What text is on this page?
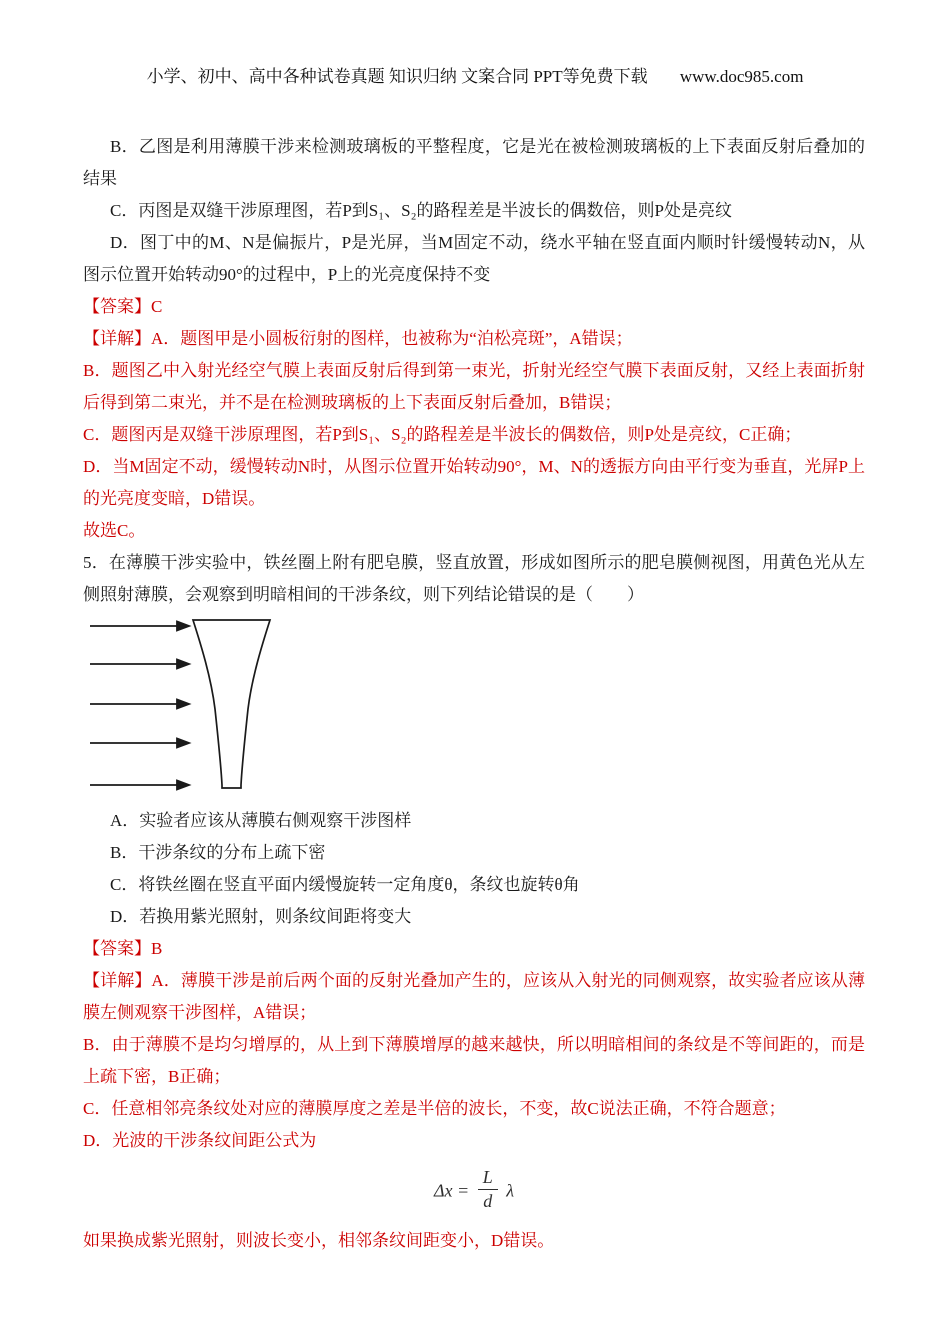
小学、初中、高中各种试卷真题 知识归纳 文案合同 PPT等免费下载 www.doc985.com

B．乙图是利用薄膜干涉来检测玻璃板的平整程度，它是光在被检测玻璃板的上下表面反射后叠加的结果

C．丙图是双缝干涉原理图，若P到S₁、S₂的路程差是半波长的偶数倍，则P处是亮纹

D．图丁中的M、N是偏振片，P是光屏，当M固定不动，绕水平轴在竖直面内顺时针缓慢转动N，从图示位置开始转动90°的过程中，P上的光亮度保持不变

【答案】C

【详解】A．题图甲是小圆板衍射的图样，也被称为“泊松亮斑”，A错误；

B．题图乙中入射光经空气膜上表面反射后得到第一束光，折射光经空气膜下表面反射，又经上表面折射后得到第二束光，并不是在检测玻璃板的上下表面反射后叠加，B错误；

C．题图丙是双缝干涉原理图，若P到S₁、S₂的路程差是半波长的偶数倍，则P处是亮纹，C正确；

D．当M固定不动，缓慢转动N时，从图示位置开始转动90°，M、N的透振方向由平行变为垂直，光屏P上的光亮度变暗，D错误。

故选C。

5．在薄膜干涉实验中，铁丝圈上附有肥皂膜，竖直放置，形成如图所示的肥皂膜侧视图，用黄色光从左侧照射薄膜，会观察到明暗相间的干涉条纹，则下列结论错误的是（　　）

A．实验者应该从薄膜右侧观察干涉图样

B．干涉条纹的分布上疏下密

C．将铁丝圈在竖直平面内缓慢旋转一定角度θ，条纹也旋转θ角

D．若换用紫光照射，则条纹间距将变大

【答案】B

【详解】A．薄膜干涉是前后两个面的反射光叠加产生的，应该从入射光的同侧观察，故实验者应该从薄膜左侧观察干涉图样，A错误；

B．由于薄膜不是均匀增厚的，从上到下薄膜增厚的越来越快，所以明暗相间的条纹是不等间距的，而是上疏下密，B正确；

C．任意相邻亮条纹处对应的薄膜厚度之差是半倍的波长，不变，故C说法正确，不符合题意；

D．光波的干涉条纹间距公式为

$\Delta x = \frac{L}{d}$ λ

如果换成紫光照射，则波长变小，相邻条纹间距变小，D错误。
